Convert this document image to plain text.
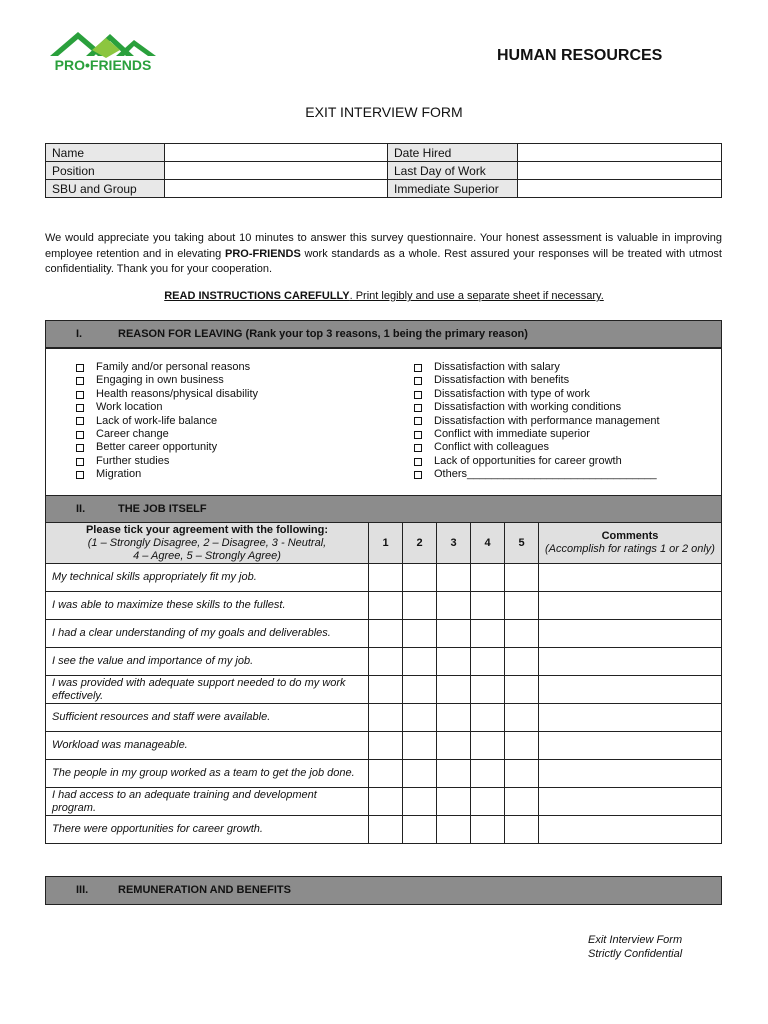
PRO•FRIENDS
HUMAN RESOURCES
EXIT INTERVIEW FORM
Name		Date Hired	
Position		Last Day of Work	
SBU and Group		Immediate Superior	
We would appreciate you taking about 10 minutes to answer this survey questionnaire. Your honest assessment is valuable in improving employee retention and in elevating PRO-FRIENDS work standards as a whole. Rest assured your responses will be treated with utmost confidentiality. Thank you for your cooperation.
READ INSTRUCTIONS CAREFULLY. Print legibly and use a separate sheet if necessary.
I.	REASON FOR LEAVING (Rank your top 3 reasons, 1 being the primary reason)
Family and/or personal reasons
Engaging in own business
Health reasons/physical disability
Work location
Lack of work-life balance
Career change
Better career opportunity
Further studies
Migration
Dissatisfaction with salary
Dissatisfaction with benefits
Dissatisfaction with type of work
Dissatisfaction with working conditions
Dissatisfaction with performance management
Conflict with immediate superior
Conflict with colleagues
Lack of opportunities for career growth
Others_______________________________
II.	THE JOB ITSELF
Please tick your agreement with the following:
(1 – Strongly Disagree, 2 – Disagree, 3 - Neutral,
4 – Agree, 5 – Strongly Agree)	1	2	3	4	5	Comments
(Accomplish for ratings 1 or 2 only)
My technical skills appropriately fit my job.						
I was able to maximize these skills to the fullest.						
I had a clear understanding of my goals and deliverables.						
I see the value and importance of my job.						
I was provided with adequate support needed to do my work effectively.						
Sufficient resources and staff were available.						
Workload was manageable.						
The people in my group worked as a team to get the job done.						
I had access to an adequate training and development program.						
There were opportunities for career growth.						
III.	REMUNERATION AND BENEFITS
Exit Interview Form
Strictly Confidential
